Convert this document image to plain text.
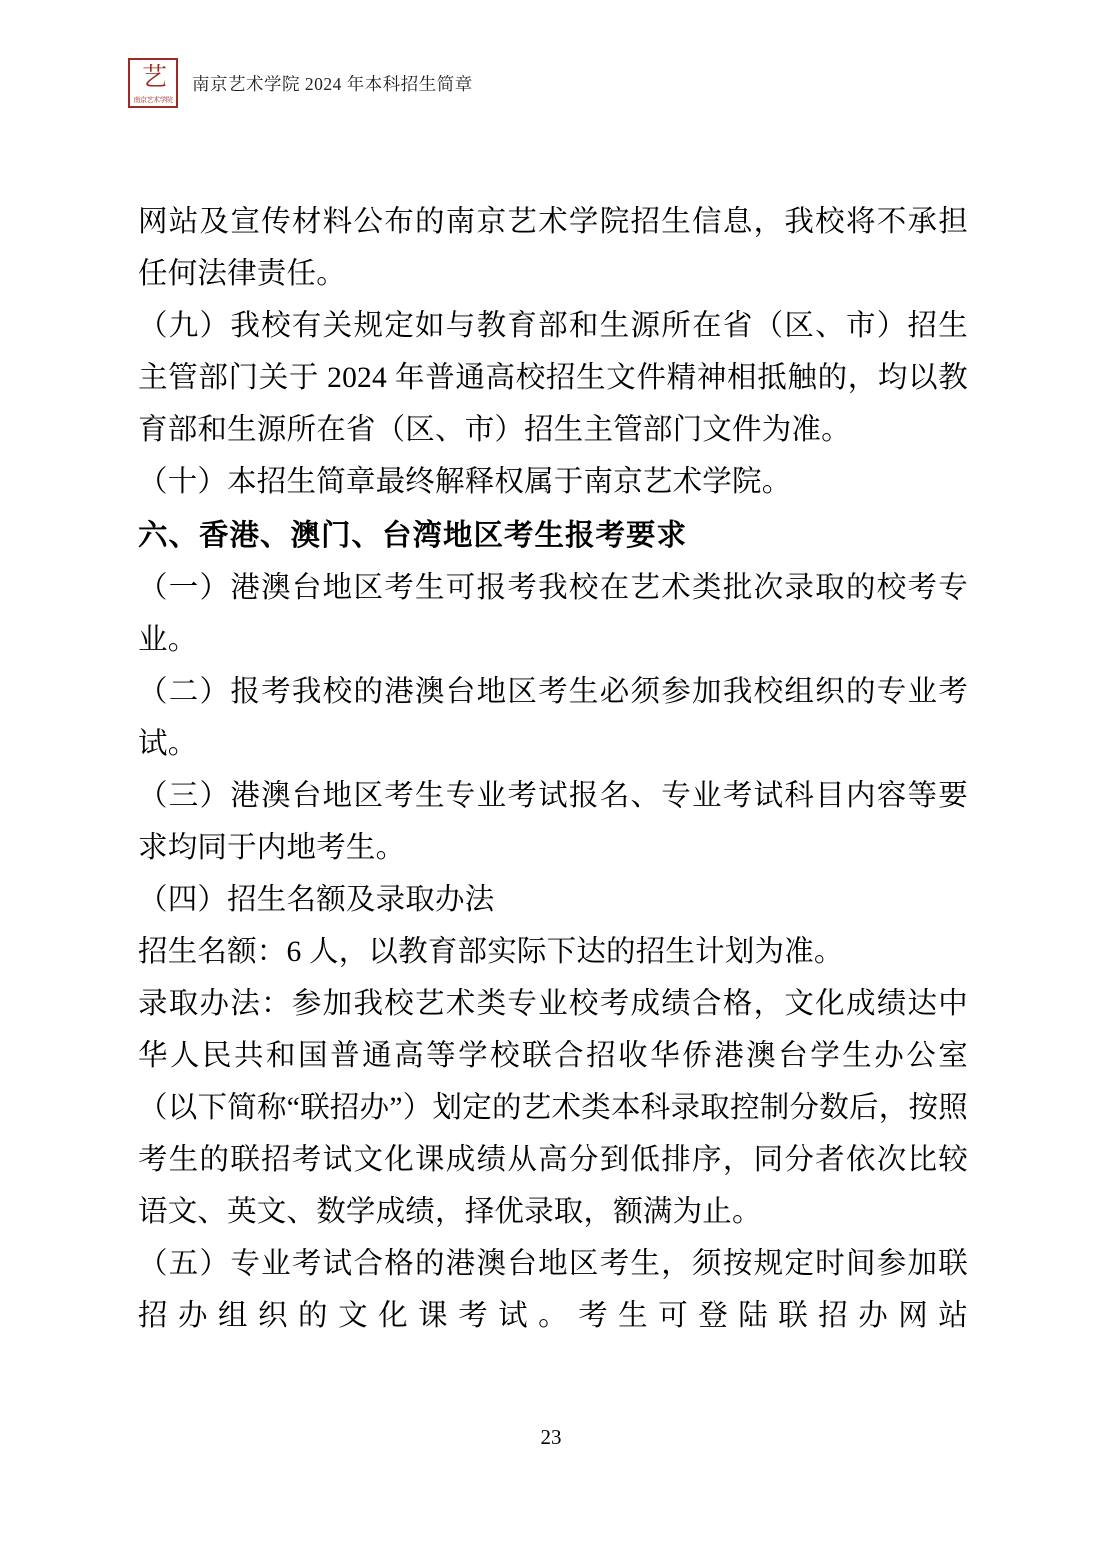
艺
南京艺术学院
南京艺术学院 2024 年本科招生简章

网站及宣传材料公布的南京艺术学院招生信息，我校将不承担任何法律责任。

（九）我校有关规定如与教育部和生源所在省（区、市）招生主管部门关于 2024 年普通高校招生文件精神相抵触的，均以教育部和生源所在省（区、市）招生主管部门文件为准。

（十）本招生简章最终解释权属于南京艺术学院。

六、香港、澳门、台湾地区考生报考要求

（一）港澳台地区考生可报考我校在艺术类批次录取的校考专业。

（二）报考我校的港澳台地区考生必须参加我校组织的专业考试。

（三）港澳台地区考生专业考试报名、专业考试科目内容等要求均同于内地考生。

（四）招生名额及录取办法

招生名额：6 人，以教育部实际下达的招生计划为准。

录取办法：参加我校艺术类专业校考成绩合格，文化成绩达中华人民共和国普通高等学校联合招收华侨港澳台学生办公室（以下简称“联招办”）划定的艺术类本科录取控制分数后，按照考生的联招考试文化课成绩从高分到低排序，同分者依次比较语文、英文、数学成绩，择优录取，额满为止。

（五）专业考试合格的港澳台地区考生，须按规定时间参加联招办组织的文化课考试。考生可登陆联招办网站

23
